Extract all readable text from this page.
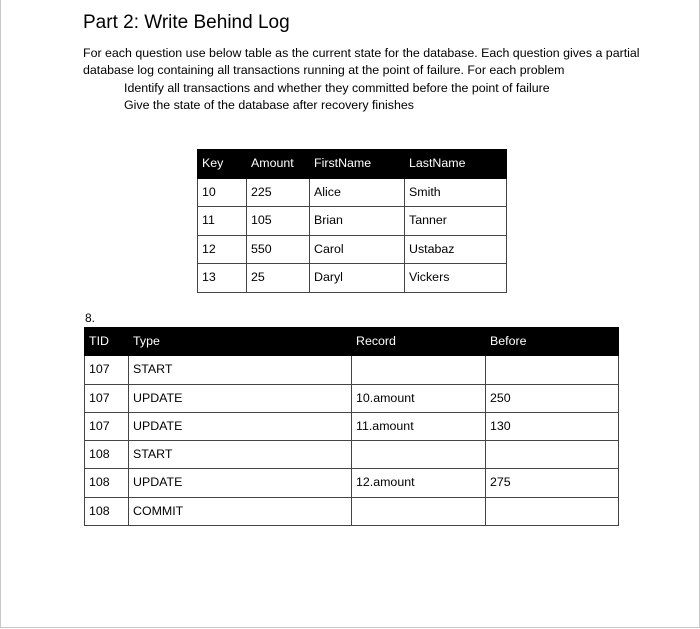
Part 2: Write Behind Log
For each question use below table as the current state for the database. Each question gives a partial database log containing all transactions running at the point of failure. For each problem
Identify all transactions and whether they committed before the point of failure
Give the state of the database after recovery finishes
Key	Amount	FirstName	LastName
10	225	Alice	Smith
11	105	Brian	Tanner
12	550	Carol	Ustabaz
13	25	Daryl	Vickers
8.
TID	Type	Record	Before
107	START		
107	UPDATE	10.amount	250
107	UPDATE	11.amount	130
108	START		
108	UPDATE	12.amount	275
108	COMMIT		
